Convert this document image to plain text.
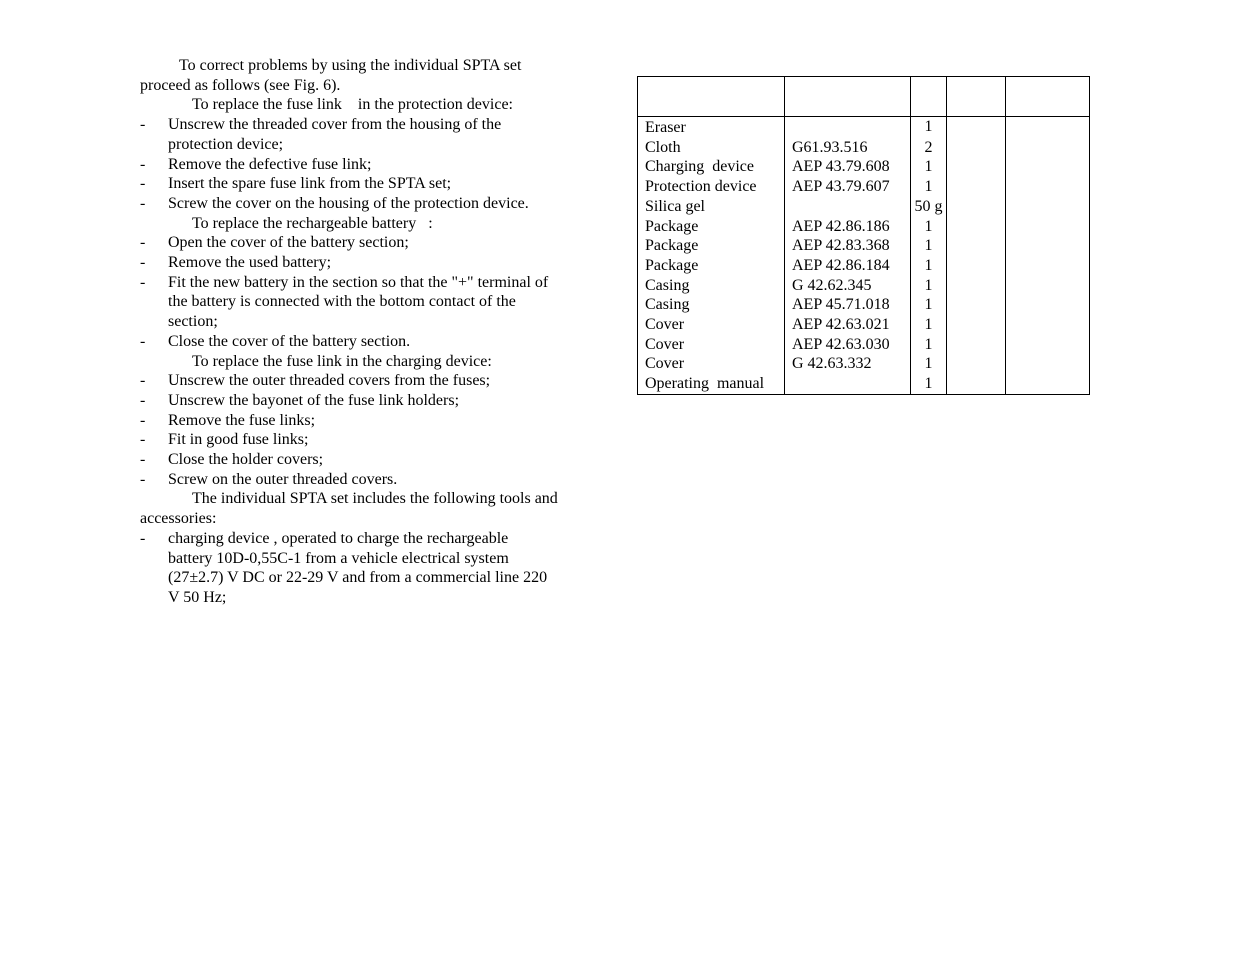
To correct problems by using the individual SPTA set
proceed as follows (see Fig. 6).
To replace the fuse link    in the protection device:
- Unscrew the threaded cover from the housing of the
protection device;
- Remove the defective fuse link;
- Insert the spare fuse link from the SPTA set;
- Screw the cover on the housing of the protection device.
To replace the rechargeable battery   :
- Open the cover of the battery section;
- Remove the used battery;
- Fit the new battery in the section so that the "+" terminal of
the battery is connected with the bottom contact of the
section;
- Close the cover of the battery section.
To replace the fuse link in the charging device:
- Unscrew the outer threaded covers from the fuses;
- Unscrew the bayonet of the fuse link holders;
- Remove the fuse links;
- Fit in good fuse links;
- Close the holder covers;
- Screw on the outer threaded covers.
The individual SPTA set includes the following tools and
accessories:
- charging device , operated to charge the rechargeable
battery 10D-0,55C-1 from a vehicle electrical system
(27±2.7) V DC or 22-29 V and from a commercial line 220
V 50 Hz;

Eraser		1		
Cloth	G61.93.516	2		
Charging  device	AEP 43.79.608	1		
Protection device	AEP 43.79.607	1		
Silica gel		50 g		
Package	AEP 42.86.186	1		
Package	AEP 42.83.368	1		
Package	AEP 42.86.184	1		
Casing	G 42.62.345	1		
Casing	AEP 45.71.018	1		
Cover	AEP 42.63.021	1		
Cover	AEP 42.63.030	1		
Cover	G 42.63.332	1		
Operating  manual		1		
